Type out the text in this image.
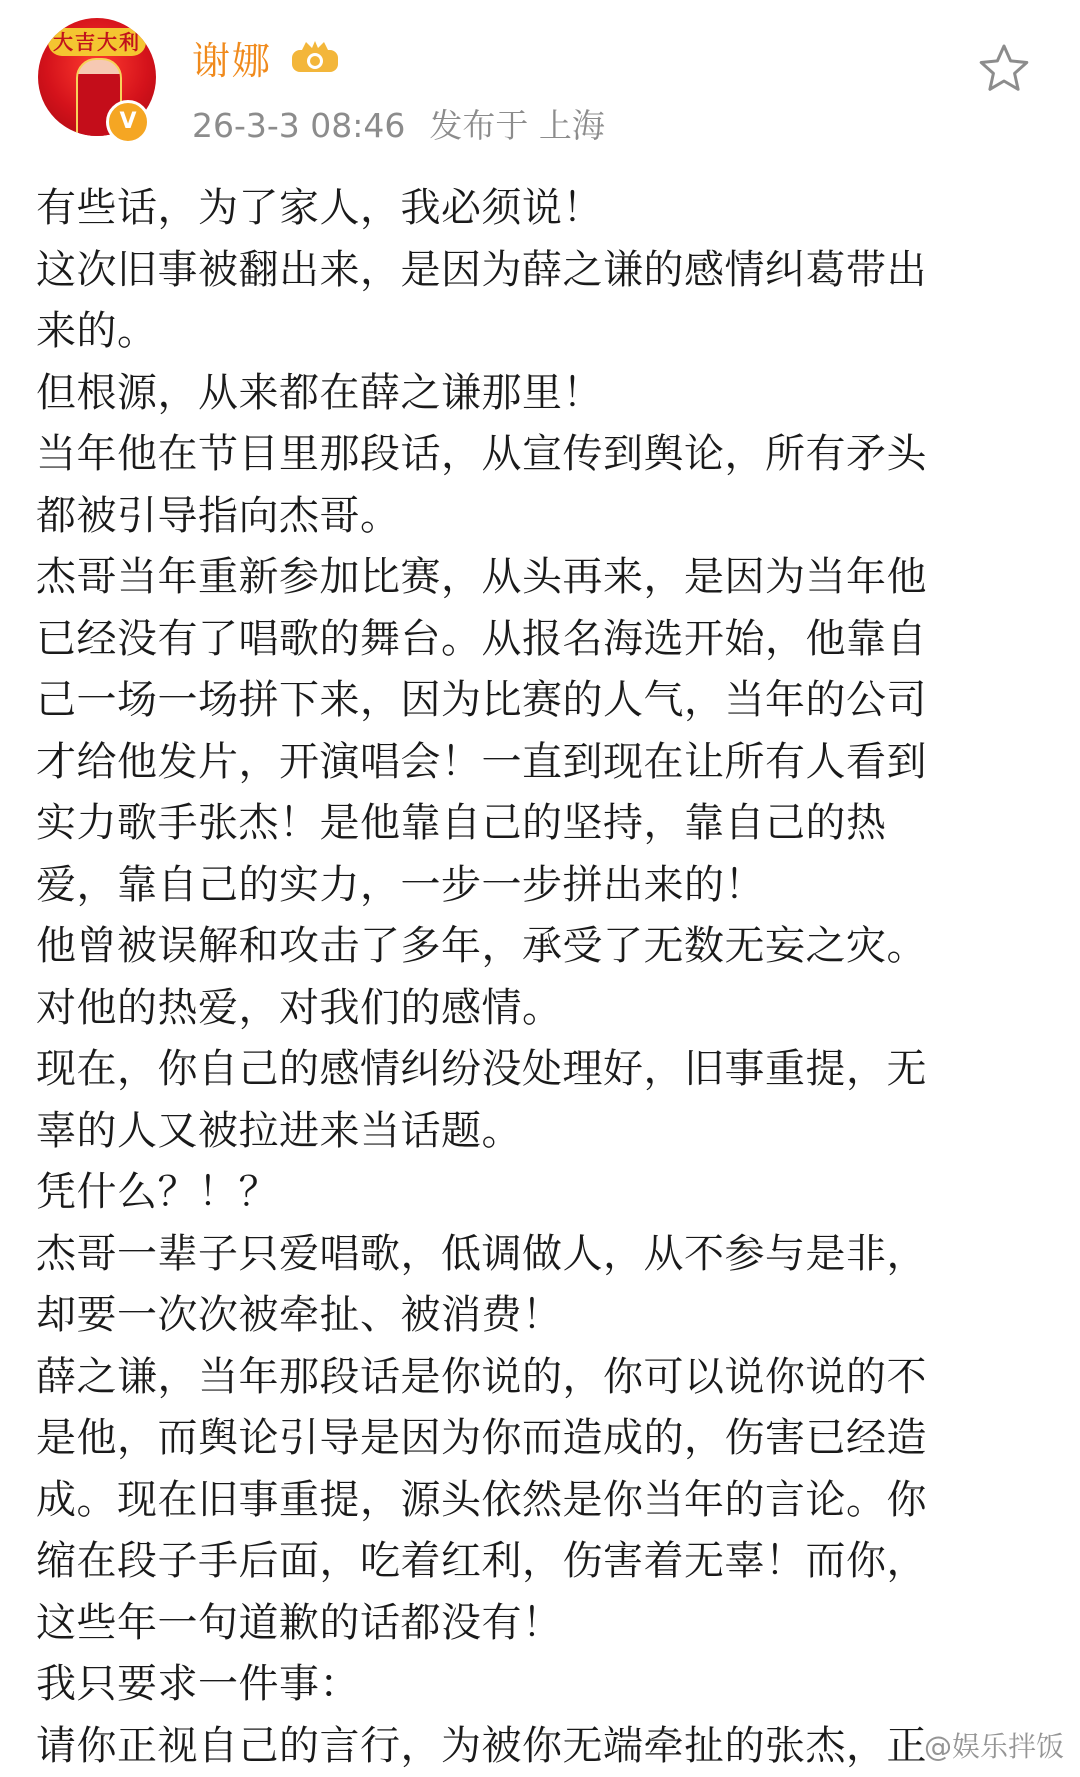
大吉大利
V
谢娜
26-3-3 08:46 发布于 上海
有些话，为了家人，我必须说！
这次旧事被翻出来，是因为薛之谦的感情纠葛带出
来的。
但根源，从来都在薛之谦那里！
当年他在节目里那段话，从宣传到舆论，所有矛头
都被引导指向杰哥。
杰哥当年重新参加比赛，从头再来，是因为当年他
已经没有了唱歌的舞台。从报名海选开始，他靠自
己一场一场拼下来，因为比赛的人气，当年的公司
才给他发片，开演唱会！一直到现在让所有人看到
实力歌手张杰！是他靠自己的坚持，靠自己的热
爱，靠自己的实力，一步一步拼出来的！
他曾被误解和攻击了多年，承受了无数无妄之灾。
对他的热爱，对我们的感情。
现在，你自己的感情纠纷没处理好，旧事重提，无
辜的人又被拉进来当话题。
凭什么？！？
杰哥一辈子只爱唱歌，低调做人，从不参与是非，
却要一次次被牵扯、被消费！
薛之谦，当年那段话是你说的，你可以说你说的不
是他，而舆论引导是因为你而造成的，伤害已经造
成。现在旧事重提，源头依然是你当年的言论。你
缩在段子手后面，吃着红利，伤害着无辜！而你，
这些年一句道歉的话都没有！
我只要求一件事：
请你正视自己的言行，为被你无端牵扯的张杰，正
@娱乐拌饭
